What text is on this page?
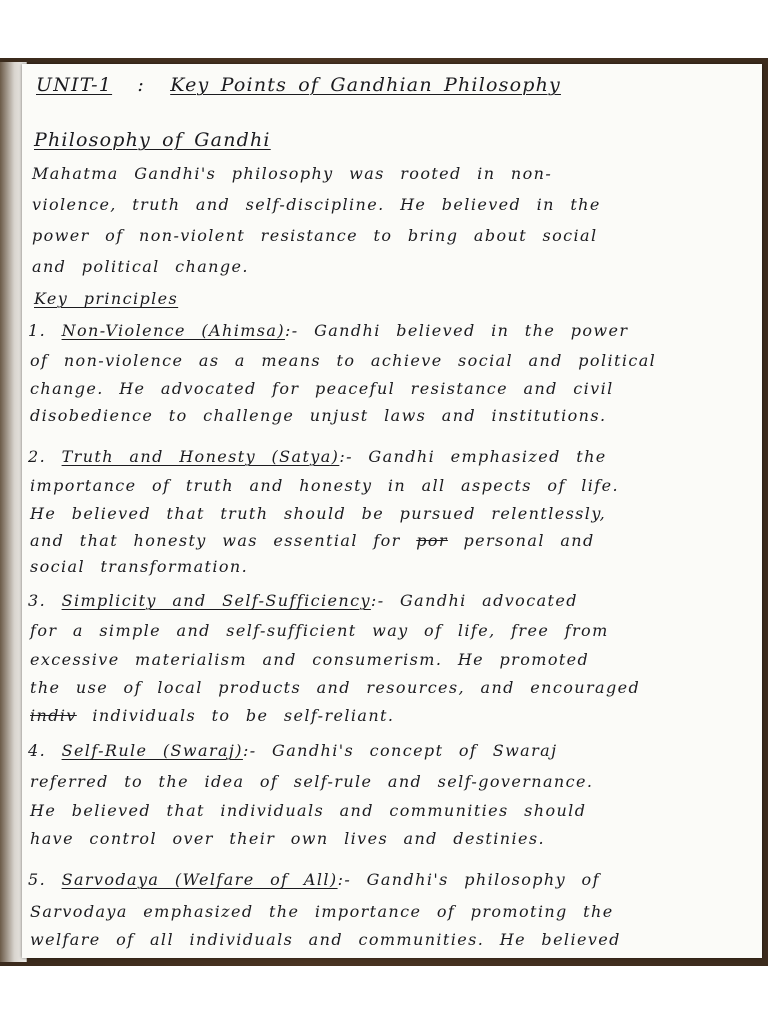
UNIT-1 : Key Points of Gandhian Philosophy
Philosophy of Gandhi
Mahatma Gandhi's philosophy was rooted in non-
violence, truth and self-discipline. He believed in the
power of non-violent resistance to bring about social
and political change.
Key principles
1. Non-Violence (Ahimsa):- Gandhi believed in the power
of non-violence as a means to achieve social and political
change. He advocated for peaceful resistance and civil
disobedience to challenge unjust laws and institutions.
2. Truth and Honesty (Satya):- Gandhi emphasized the
importance of truth and honesty in all aspects of life.
He believed that truth should be pursued relentlessly,
and that honesty was essential for por personal and
social transformation.
3. Simplicity and Self-Sufficiency:- Gandhi advocated
for a simple and self-sufficient way of life, free from
excessive materialism and consumerism. He promoted
the use of local products and resources, and encouraged
indiv individuals to be self-reliant.
4. Self-Rule (Swaraj):- Gandhi's concept of Swaraj
referred to the idea of self-rule and self-governance.
He believed that individuals and communities should
have control over their own lives and destinies.
5. Sarvodaya (Welfare of All):- Gandhi's philosophy of
Sarvodaya emphasized the importance of promoting the
welfare of all individuals and communities. He believed
